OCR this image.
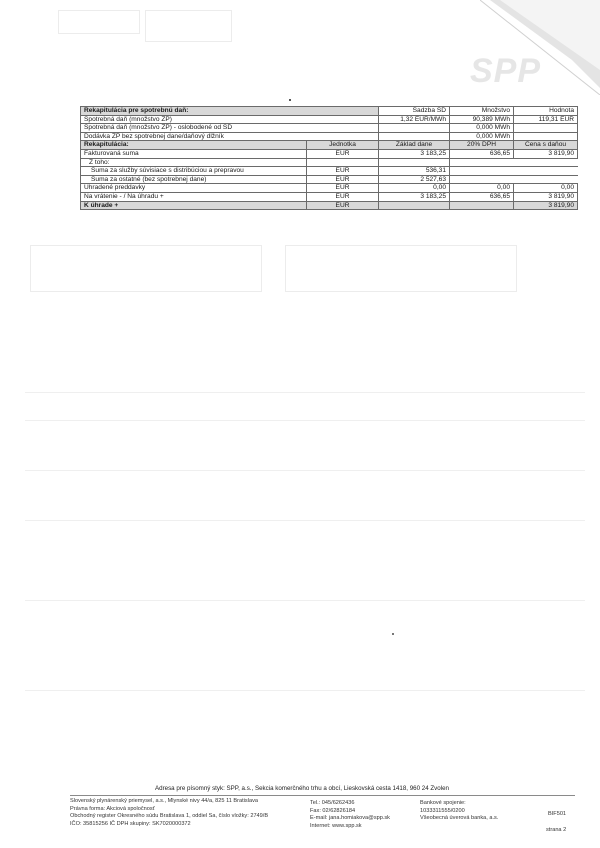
SPP
Rekapitulácia pre spotrebnú daň:		Sadzba SD	Množstvo	Hodnota
Spotrebná daň (množstvo ZP)		1,32 EUR/MWh	90,389 MWh	119,31 EUR
Spotrebná daň (množstvo ZP) - oslobodené od SD			0,000 MWh	
Dodávka ZP bez spotrebnej dane/daňový dlžník			0,000 MWh	
Rekapitulácia:	Jednotka	Základ dane	20% DPH	Cena s daňou
Fakturovaná suma	EUR	3 183,25	636,65	3 819,90
Z toho:				
Suma za služby súvisiace s distribúciou a prepravou	EUR	536,31		
Suma za ostatné (bez spotrebnej dane)	EUR	2 527,63		
Uhradené preddavky	EUR	0,00	0,00	0,00
Na vrátenie - / Na úhradu +	EUR	3 183,25	636,65	3 819,90
K úhrade +	EUR			3 819,90
Adresa pre písomný styk: SPP, a.s., Sekcia komerčného trhu a obcí, Lieskovská cesta 1418, 960 24 Zvolen
Slovenský plynárenský priemysel, a.s., Mlynské nivy 44/a, 825 11 Bratislava
Právna forma: Akciová spoločnosť
Obchodný register Okresného súdu Bratislava 1, oddiel Sa, číslo vložky: 2749/B
IČO: 35815256 IČ DPH skupiny: SK7020000372
Tel.: 045/6262436
Fax: 02/62826184
E-mail: jana.homiakova@spp.sk
Internet: www.spp.sk
Bankové spojenie:
1033311555/0200
Všeobecná úverová banka, a.s.
BIF501
strana 2
